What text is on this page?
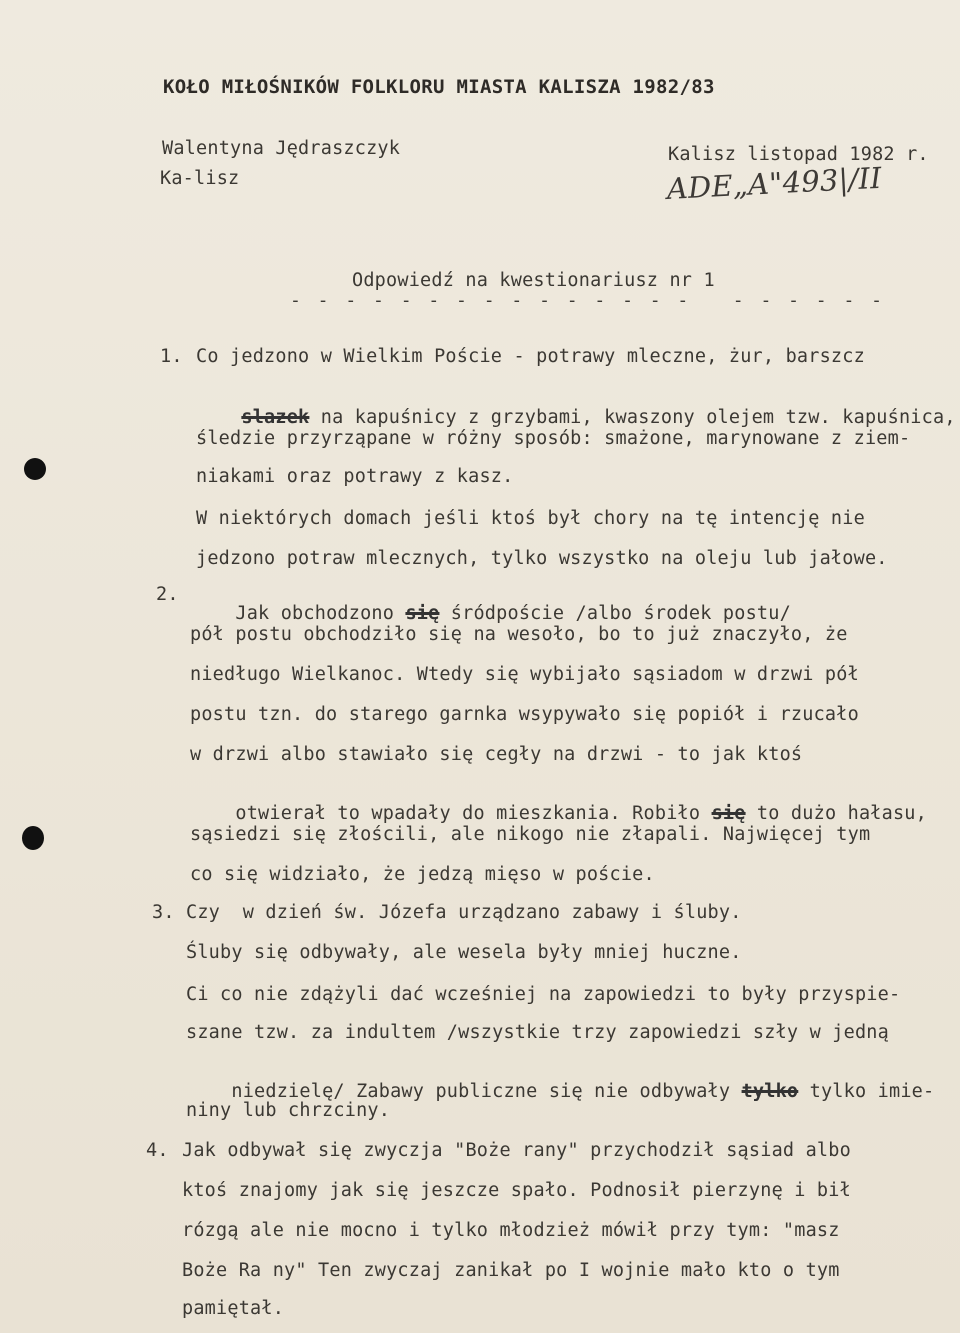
KOŁO MIŁOŚNIKÓW FOLKLORU MIASTA KALISZA 1982/83
Walentyna Jędraszczyk
Ka-lisz
Kalisz listopad 1982 r.
ADE„A"493|/II
Odpowiedź na kwestionariusz nr 1
- - - - - - - - - - - - - - -   - - - - - -
1. Co jedzono w Wielkim Poście - potrawy mleczne, żur, barszcz

slazek na kapuśnicy z grzybami, kwaszony olejem tzw. kapuśnica,

śledzie przyrząpane w różny sposób: smażone, marynowane z ziem-
niakami oraz potrawy z kasz.
W niektórych domach jeśli ktoś był chory na tę intencję nie
jedzono potraw mlecznych, tylko wszystko na oleju lub jałowe.
2.

Jak obchodzono się śródpoście /albo środek postu/

pół postu obchodziło się na wesoło, bo to już znaczyło, że
niedługo Wielkanoc. Wtedy się wybijało sąsiadom w drzwi pół
postu tzn. do starego garnka wsypywało się popiół i rzucało
w drzwi albo stawiało się cegły na drzwi - to jak ktoś

otwierał to wpadały do mieszkania. Robiło się to dużo hałasu,

sąsiedzi się złościli, ale nikogo nie złapali. Najwięcej tym
co się widziało, że jedzą mięso w poście.
3. Czy  w dzień św. Józefa urządzano zabawy i śluby.
Śluby się odbywały, ale wesela były mniej huczne.
Ci co nie zdążyli dać wcześniej na zapowiedzi to były przyspie-
szane tzw. za indultem /wszystkie trzy zapowiedzi szły w jedną

niedzielę/ Zabawy publiczne się nie odbywały tylko tylko imie-

niny lub chrzciny.
4. Jak odbywał się zwyczja "Boże rany" przychodził sąsiad albo
ktoś znajomy jak się jeszcze spało. Podnosił pierzynę i bił
rózgą ale nie mocno i tylko młodzież mówił przy tym: "masz
Boże Ra ny" Ten zwyczaj zanikał po I wojnie mało kto o tym
pamiętał.
